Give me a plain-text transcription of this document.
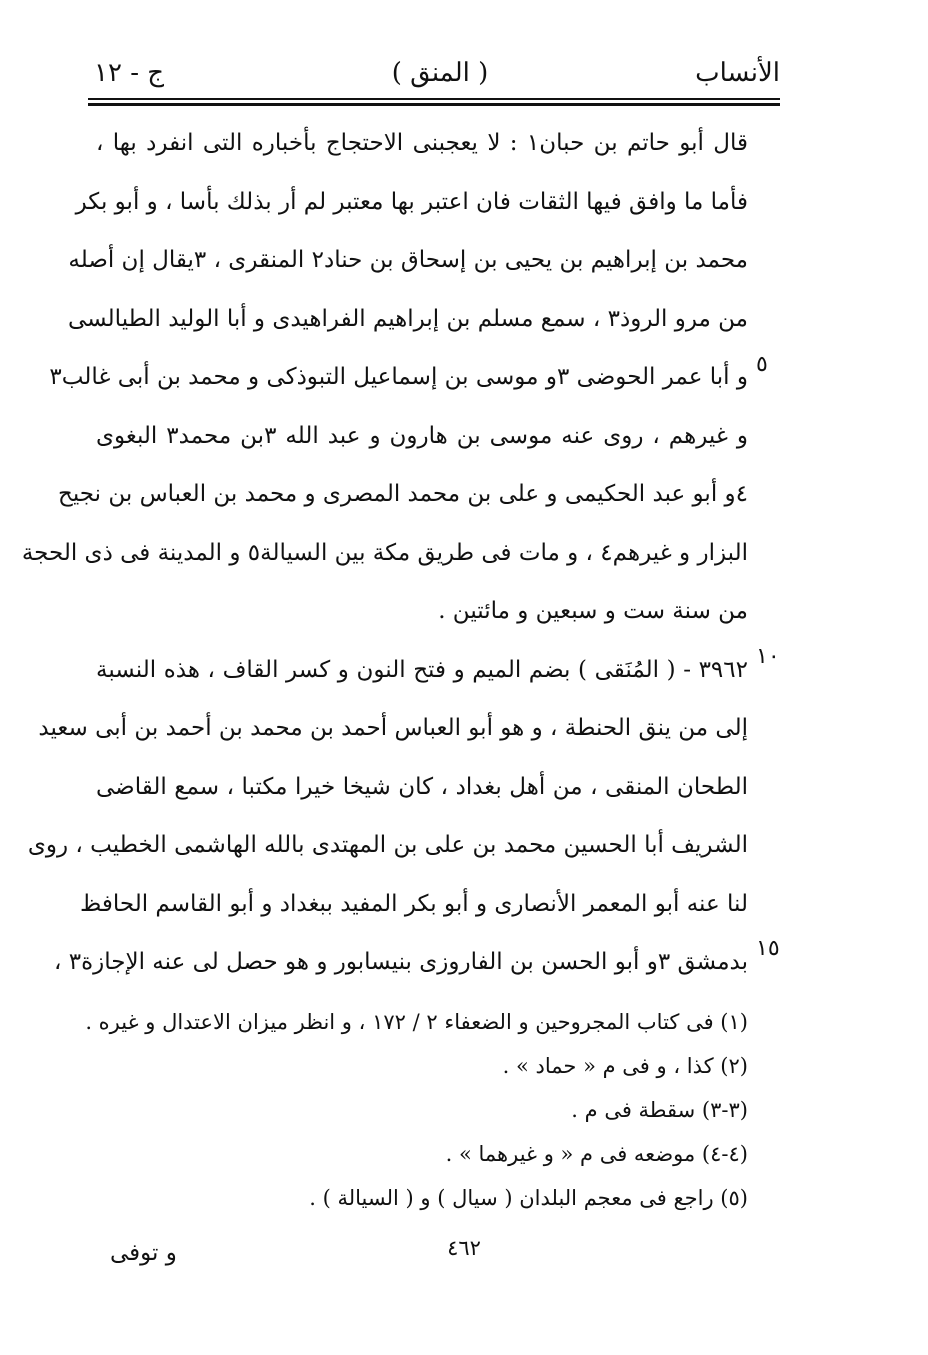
الأنساب
( المنق )
ج - ١٢
قال أبو حاتم بن حبان١ : لا يعجبنى الاحتجاج بأخباره التى انفرد بها ،
فأما ما وافق فيها الثقات فان اعتبر بها معتبر لم أر بذلك بأسا ، و أبو بكر
محمد بن إبراهيم بن يحيى بن إسحاق بن حناد٢ المنقرى ، ٣يقال إن أصله
من مرو الروذ٣ ، سمع مسلم بن إبراهيم الفراهيدى و أبا الوليد الطيالسى
و أبا عمر الحوضى ٣و موسى بن إسماعيل التبوذكى و محمد بن أبى غالب٣
و غيرهم ، روى عنه موسى بن هارون و عبد الله ٣بن محمد٣ البغوى
٤و أبو عبد الحكيمى و على بن محمد المصرى و محمد بن العباس بن نجيح
البزار و غيرهم٤ ، و مات فى طريق مكة بين السيالة٥ و المدينة فى ذى الحجة
من سنة ست و سبعين و مائتين .
٣٩٦٢ - ( المُنَقى ) بضم الميم و فتح النون و كسر القاف ، هذه النسبة
إلى من ينق الحنطة ، و هو أبو العباس أحمد بن محمد بن أحمد بن أبى سعيد
الطحان المنقى ، من أهل بغداد ، كان شيخا خيرا مكتبا ، سمع القاضى
الشريف أبا الحسين محمد بن على بن المهتدى بالله الهاشمى الخطيب ، روى
لنا عنه أبو المعمر الأنصارى و أبو بكر المفيد ببغداد و أبو القاسم الحافظ
بدمشق ٣و أبو الحسن بن الفاروزى بنيسابور و هو حصل لى عنه الإجازة٣ ،
٥
١٠
١٥
(١) فى كتاب المجروحين و الضعفاء ٢ / ١٧٢ ، و انظر ميزان الاعتدال و غيره .
(٢) كذا ، و فى م « حماد » .
(٣-٣) سقطة فى م .
(٤-٤) موضعه فى م « و غيرهما » .
(٥) راجع فى معجم البلدان ( سيال ) و ( السيالة ) .
٤٦٢
و توفى
